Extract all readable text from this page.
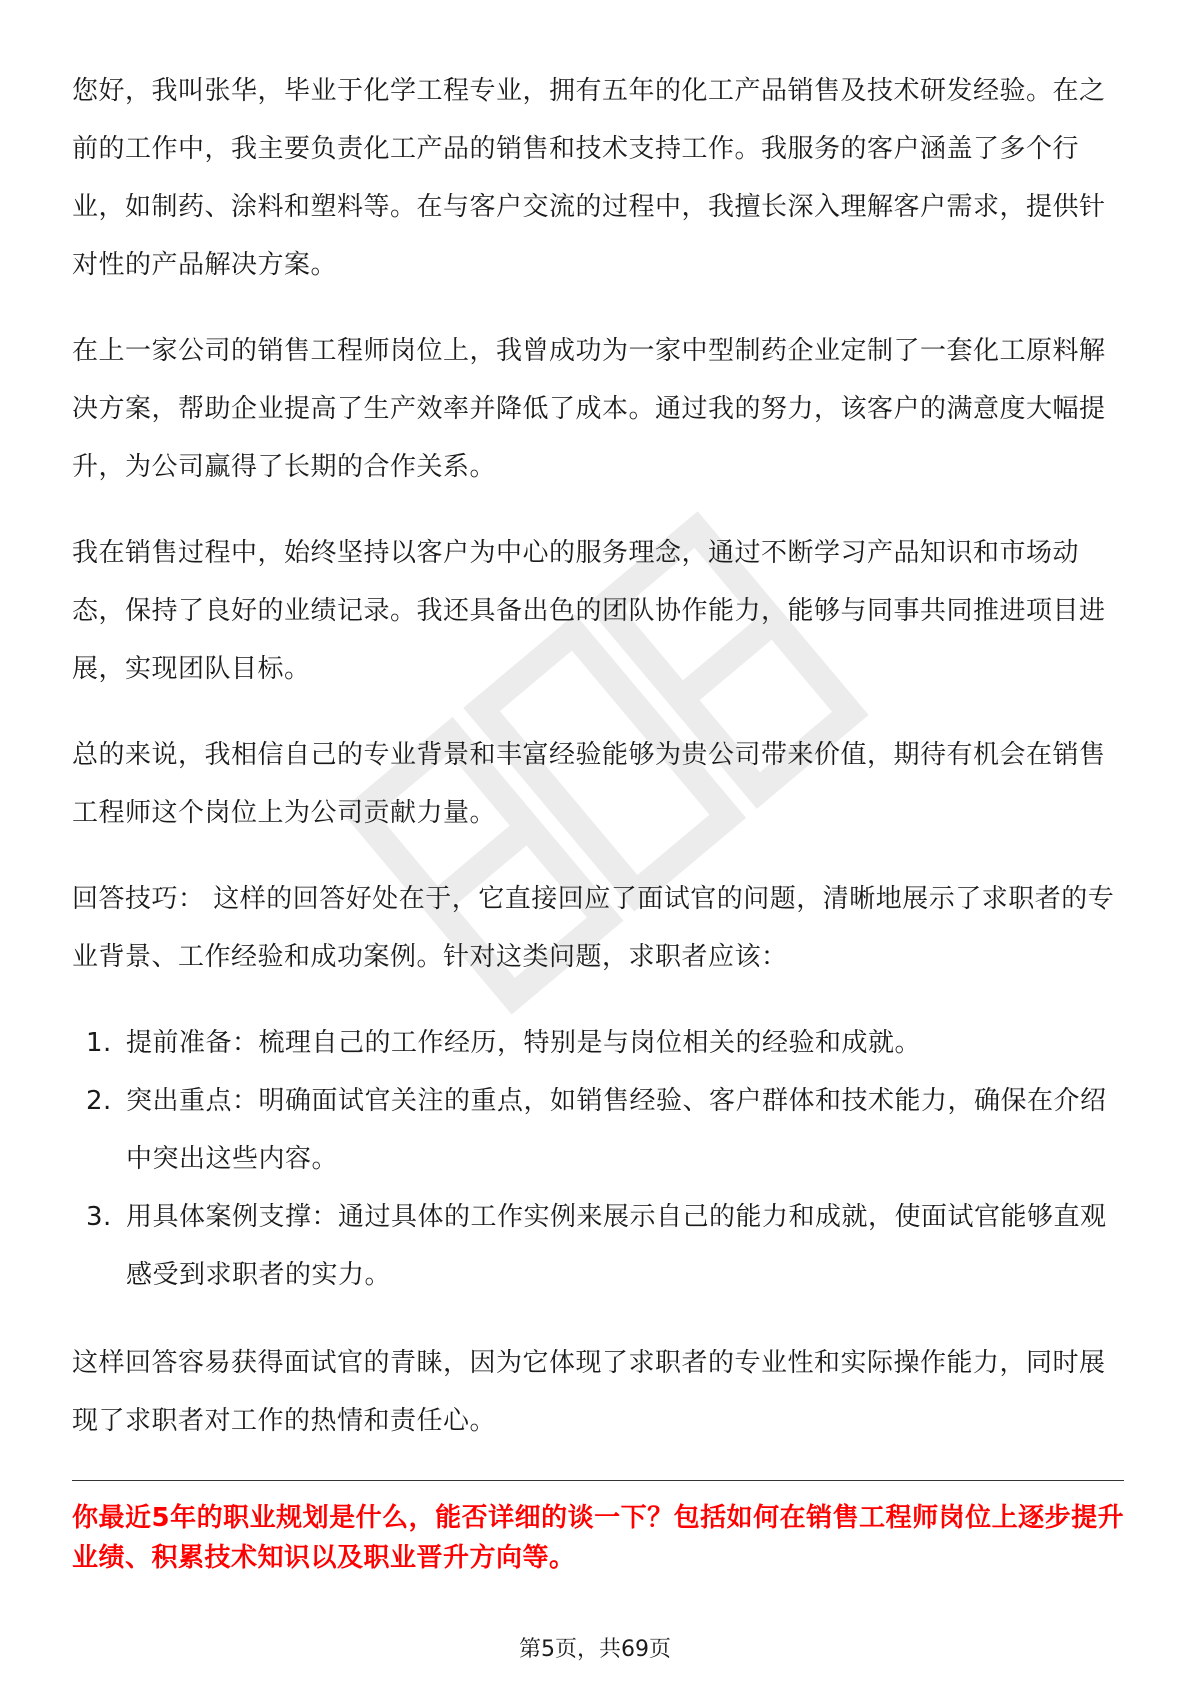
您好，我叫张华，毕业于化学工程专业，拥有五年的化工产品销售及技术研发经验。在之前的工作中，我主要负责化工产品的销售和技术支持工作。我服务的客户涵盖了多个行业，如制药、涂料和塑料等。在与客户交流的过程中，我擅长深入理解客户需求，提供针对性的产品解决方案。

在上一家公司的销售工程师岗位上，我曾成功为一家中型制药企业定制了一套化工原料解决方案，帮助企业提高了生产效率并降低了成本。通过我的努力，该客户的满意度大幅提升，为公司赢得了长期的合作关系。

我在销售过程中，始终坚持以客户为中心的服务理念，通过不断学习产品知识和市场动态，保持了良好的业绩记录。我还具备出色的团队协作能力，能够与同事共同推进项目进展，实现团队目标。

总的来说，我相信自己的专业背景和丰富经验能够为贵公司带来价值，期待有机会在销售工程师这个岗位上为公司贡献力量。

回答技巧： 这样的回答好处在于，它直接回应了面试官的问题，清晰地展示了求职者的专业背景、工作经验和成功案例。针对这类问题，求职者应该：

1. 提前准备：梳理自己的工作经历，特别是与岗位相关的经验和成就。
2. 突出重点：明确面试官关注的重点，如销售经验、客户群体和技术能力，确保在介绍中突出这些内容。
3. 用具体案例支撑：通过具体的工作实例来展示自己的能力和成就，使面试官能够直观感受到求职者的实力。

这样回答容易获得面试官的青睐，因为它体现了求职者的专业性和实际操作能力，同时展现了求职者对工作的热情和责任心。

你最近5年的职业规划是什么，能否详细的谈一下？包括如何在销售工程师岗位上逐步提升业绩、积累技术知识以及职业晋升方向等。

第5页，共69页
